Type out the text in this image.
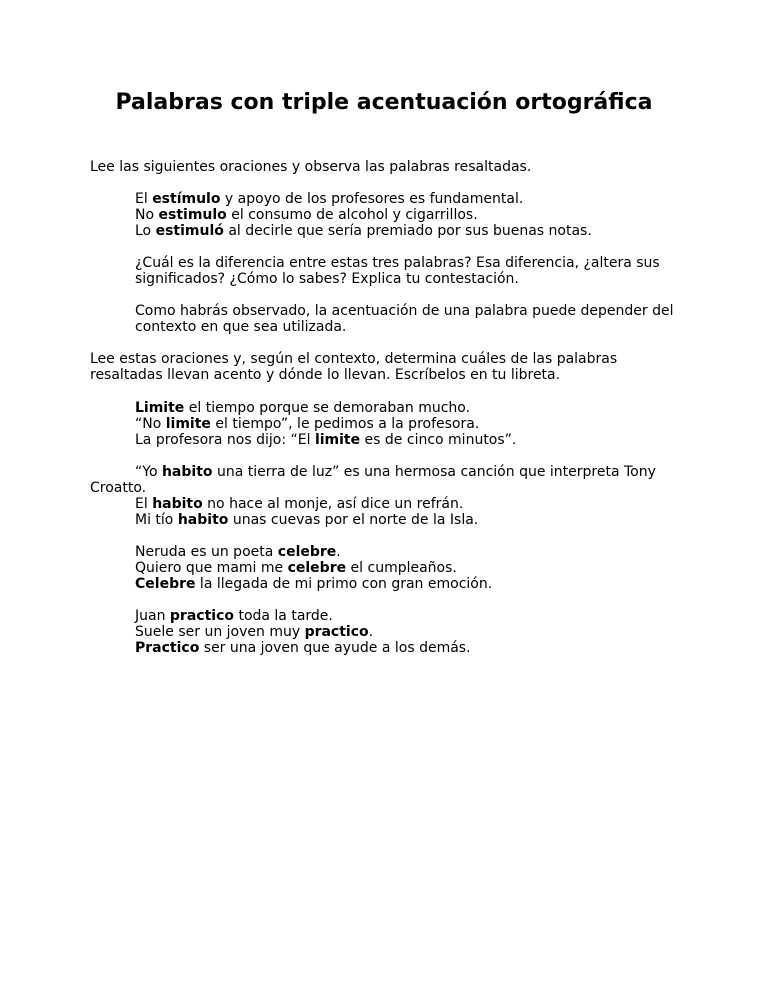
Palabras con triple acentuación ortográfica

Lee las siguientes oraciones y observa las palabras resaltadas.

El estímulo y apoyo de los profesores es fundamental.
No estimulo el consumo de alcohol y cigarrillos.
Lo estimuló al decirle que sería premiado por sus buenas notas.

¿Cuál es la diferencia entre estas tres palabras? Esa diferencia, ¿altera sus significados? ¿Cómo lo sabes? Explica tu contestación.

Como habrás observado, la acentuación de una palabra puede depender del contexto en que sea utilizada.

Lee estas oraciones y, según el contexto, determina cuáles de las palabras resaltadas llevan acento y dónde lo llevan. Escríbelos en tu libreta.

Limite el tiempo porque se demoraban mucho.
“No limite el tiempo”, le pedimos a la profesora.
La profesora nos dijo: “El limite es de cinco minutos”.
“Yo habito una tierra de luz” es una hermosa canción que interpreta Tony Croatto.
El habito no hace al monje, así dice un refrán.
Mi tío habito unas cuevas por el norte de la Isla.
Neruda es un poeta celebre.
Quiero que mami me celebre el cumpleaños.
Celebre la llegada de mi primo con gran emoción.
Juan practico toda la tarde.
Suele ser un joven muy practico.
Practico ser una joven que ayude a los demás.
